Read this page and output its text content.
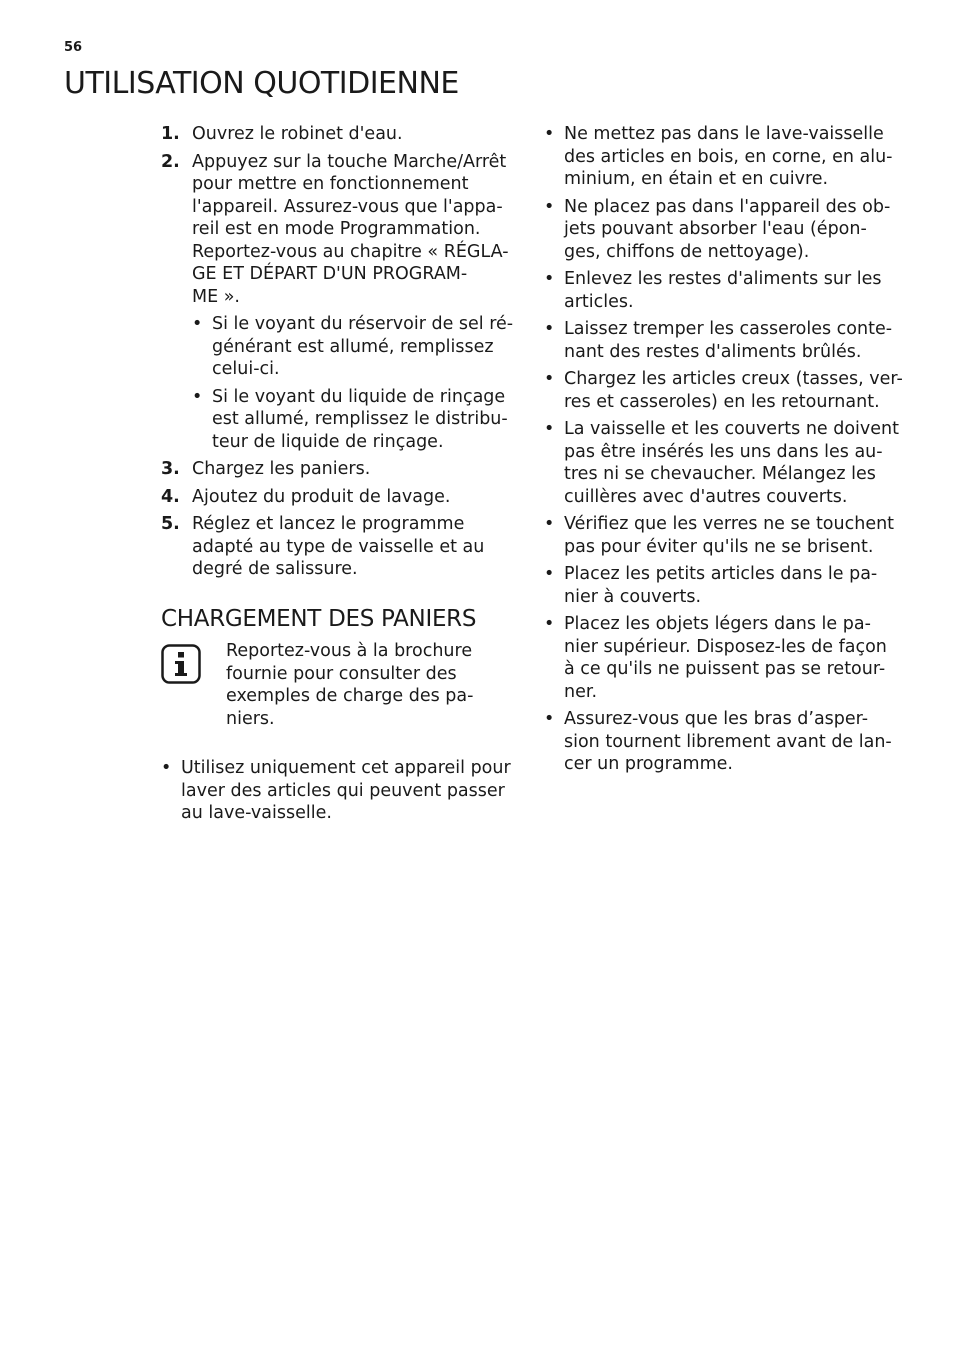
56
UTILISATION QUOTIDIENNE
1. Ouvrez le robinet d'eau.
2. Appuyez sur la touche Marche/Arrêt
pour mettre en fonctionnement
l'appareil. Assurez-vous que l'appa-
reil est en mode Programmation.
Reportez-vous au chapitre « RÉGLA-
GE ET DÉPART D'UN PROGRAM-
ME ».
• Si le voyant du réservoir de sel ré-
générant est allumé, remplissez
celui-ci.
• Si le voyant du liquide de rinçage
est allumé, remplissez le distribu-
teur de liquide de rinçage.
3. Chargez les paniers.
4. Ajoutez du produit de lavage.
5. Réglez et lancez le programme
adapté au type de vaisselle et au
degré de salissure.
CHARGEMENT DES PANIERS
Reportez-vous à la brochure
fournie pour consulter des
exemples de charge des pa-
niers.
• Utilisez uniquement cet appareil pour
laver des articles qui peuvent passer
au lave-vaisselle.
• Ne mettez pas dans le lave-vaisselle
des articles en bois, en corne, en alu-
minium, en étain et en cuivre.
• Ne placez pas dans l'appareil des ob-
jets pouvant absorber l'eau (épon-
ges, chiffons de nettoyage).
• Enlevez les restes d'aliments sur les
articles.
• Laissez tremper les casseroles conte-
nant des restes d'aliments brûlés.
• Chargez les articles creux (tasses, ver-
res et casseroles) en les retournant.
• La vaisselle et les couverts ne doivent
pas être insérés les uns dans les au-
tres ni se chevaucher. Mélangez les
cuillères avec d'autres couverts.
• Vérifiez que les verres ne se touchent
pas pour éviter qu'ils ne se brisent.
• Placez les petits articles dans le pa-
nier à couverts.
• Placez les objets légers dans le pa-
nier supérieur. Disposez-les de façon
à ce qu'ils ne puissent pas se retour-
ner.
• Assurez-vous que les bras d’asper-
sion tournent librement avant de lan-
cer un programme.
